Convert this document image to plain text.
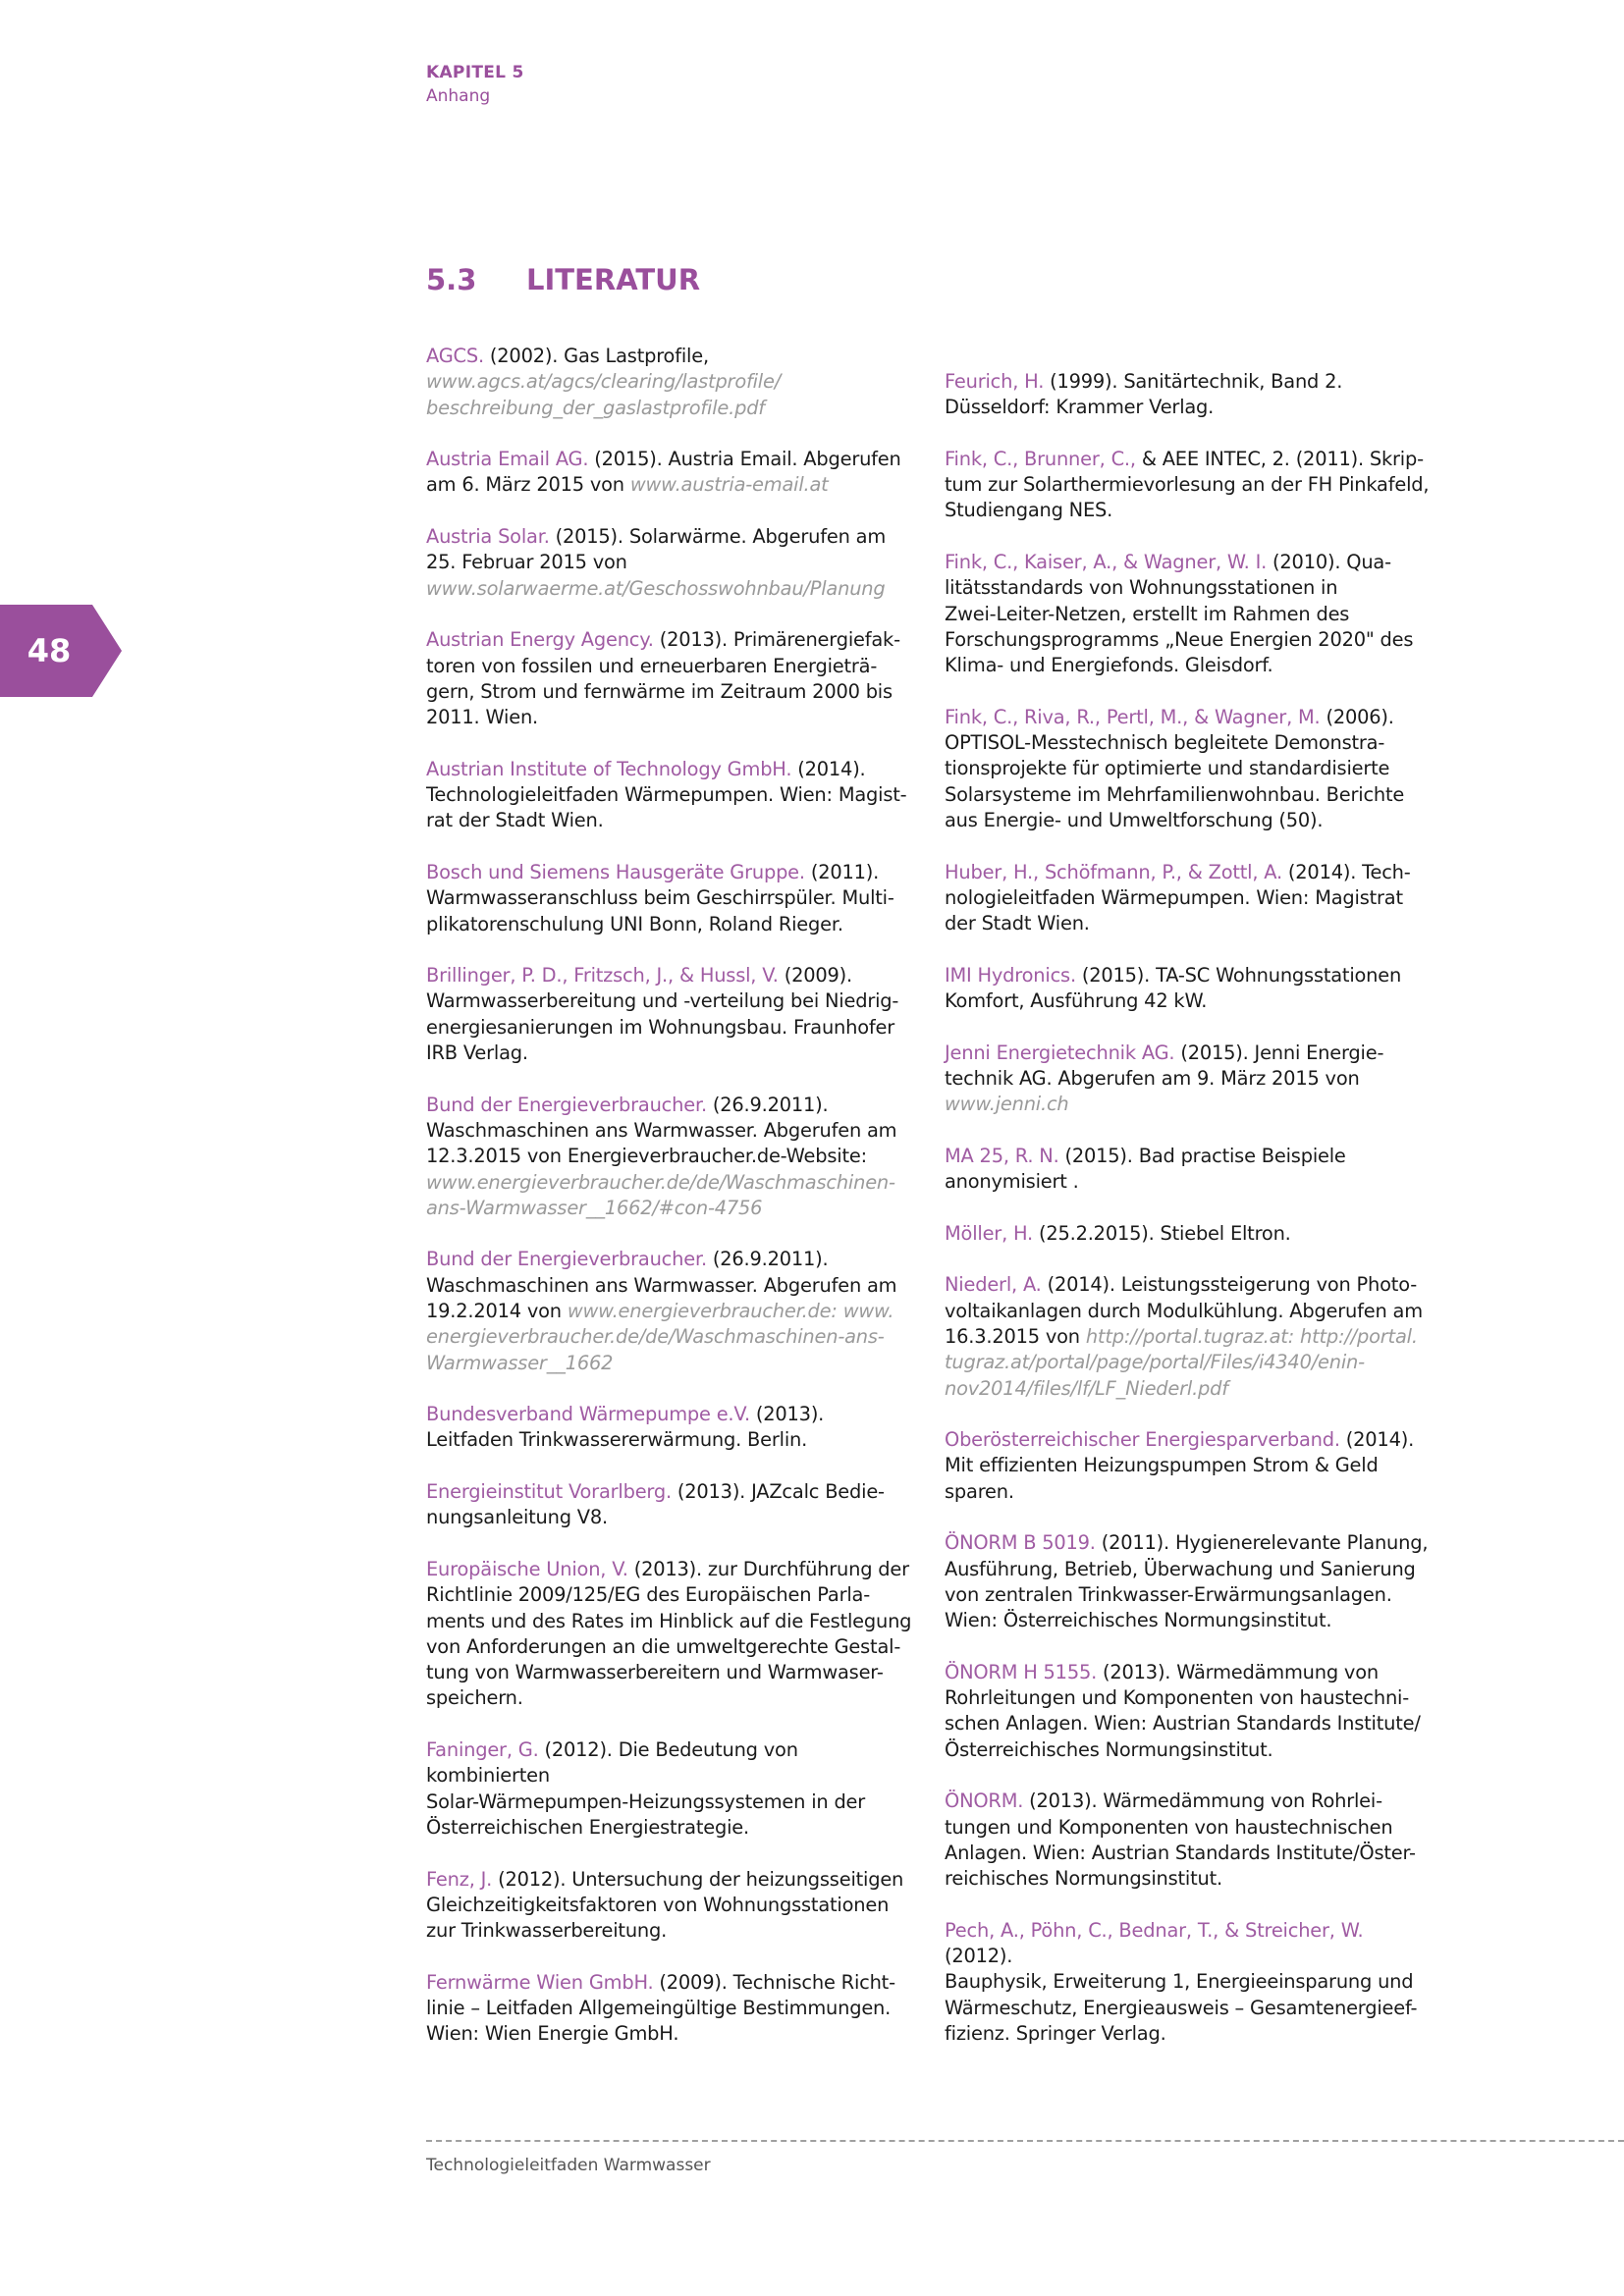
KAPITEL 5
Anhang
48
5.3 LITERATUR

AGCS. (2002). Gas Lastprofile,
www.agcs.at/agcs/clearing/lastprofile/
beschreibung_der_gaslastprofile.pdf

Austria Email AG. (2015). Austria Email. Abgerufen
am 6. März 2015 von www.austria-email.at

Austria Solar. (2015). Solarwärme. Abgerufen am
25. Februar 2015 von
www.solarwaerme.at/Geschosswohnbau/Planung

Austrian Energy Agency. (2013). Primärenergiefak-
toren von fossilen und erneuerbaren Energieträ-
gern, Strom und fernwärme im Zeitraum 2000 bis
2011. Wien.

Austrian Institute of Technology GmbH. (2014).
Technologieleitfaden Wärmepumpen. Wien: Magist-
rat der Stadt Wien.

Bosch und Siemens Hausgeräte Gruppe. (2011).
Warmwasseranschluss beim Geschirrspüler. Multi-
plikatorenschulung UNI Bonn, Roland Rieger.

Brillinger, P. D., Fritzsch, J., & Hussl, V. (2009).
Warmwasserbereitung und -verteilung bei Niedrig-
energiesanierungen im Wohnungsbau. Fraunhofer
IRB Verlag.

Bund der Energieverbraucher. (26.9.2011).
Waschmaschinen ans Warmwasser. Abgerufen am
12.3.2015 von Energieverbraucher.de-Website:
www.energieverbraucher.de/de/Waschmaschinen-
ans-Warmwasser__1662/#con-4756

Bund der Energieverbraucher. (26.9.2011).
Waschmaschinen ans Warmwasser. Abgerufen am
19.2.2014 von www.energieverbraucher.de: www.
energieverbraucher.de/de/Waschmaschinen-ans-
Warmwasser__1662

Bundesverband Wärmepumpe e.V. (2013).
Leitfaden Trinkwassererwärmung. Berlin.

Energieinstitut Vorarlberg. (2013). JAZcalc Bedie-
nungsanleitung V8.

Europäische Union, V. (2013). zur Durchführung der
Richtlinie 2009/125/EG des Europäischen Parla-
ments und des Rates im Hinblick auf die Festlegung
von Anforderungen an die umweltgerechte Gestal-
tung von Warmwasserbereitern und Warmwaser-
speichern.

Faninger, G. (2012). Die Bedeutung von kombinierten
Solar-Wärmepumpen-Heizungssystemen in der
Österreichischen Energiestrategie.

Fenz, J. (2012). Untersuchung der heizungsseitigen
Gleichzeitigkeitsfaktoren von Wohnungsstationen
zur Trinkwasserbereitung.

Fernwärme Wien GmbH. (2009). Technische Richt-
linie – Leitfaden Allgemeingültige Bestimmungen.
Wien: Wien Energie GmbH.

Feurich, H. (1999). Sanitärtechnik, Band 2.
Düsseldorf: Krammer Verlag.

Fink, C., Brunner, C., & AEE INTEC, 2. (2011). Skrip-
tum zur Solarthermievorlesung an der FH Pinkafeld,
Studiengang NES.

Fink, C., Kaiser, A., & Wagner, W. I. (2010). Qua-
litätsstandards von Wohnungsstationen in
Zwei-Leiter-Netzen, erstellt im Rahmen des
Forschungsprogramms „Neue Energien 2020" des
Klima- und Energiefonds. Gleisdorf.

Fink, C., Riva, R., Pertl, M., & Wagner, M. (2006).
OPTISOL-Messtechnisch begleitete Demonstra-
tionsprojekte für optimierte und standardisierte
Solarsysteme im Mehrfamilienwohnbau. Berichte
aus Energie- und Umweltforschung (50).

Huber, H., Schöfmann, P., & Zottl, A. (2014). Tech-
nologieleitfaden Wärmepumpen. Wien: Magistrat
der Stadt Wien.

IMI Hydronics. (2015). TA-SC Wohnungsstationen
Komfort, Ausführung 42 kW.

Jenni Energietechnik AG. (2015). Jenni Energie-
technik AG. Abgerufen am 9. März 2015 von
www.jenni.ch

MA 25, R. N. (2015). Bad practise Beispiele
anonymisiert .

Möller, H. (25.2.2015). Stiebel Eltron.

Niederl, A. (2014). Leistungssteigerung von Photo-
voltaikanlagen durch Modulkühlung. Abgerufen am
16.3.2015 von http://portal.tugraz.at: http://portal.
tugraz.at/portal/page/portal/Files/i4340/enin-
nov2014/files/lf/LF_Niederl.pdf

Oberösterreichischer Energiesparverband. (2014).
Mit effizienten Heizungspumpen Strom & Geld
sparen.

ÖNORM B 5019. (2011). Hygienerelevante Planung,
Ausführung, Betrieb, Überwachung und Sanierung
von zentralen Trinkwasser-Erwärmungsanlagen.
Wien: Österreichisches Normungsinstitut.

ÖNORM H 5155. (2013). Wärmedämmung von
Rohrleitungen und Komponenten von haustechni-
schen Anlagen. Wien: Austrian Standards Institute/
Österreichisches Normungsinstitut.

ÖNORM. (2013). Wärmedämmung von Rohrlei-
tungen und Komponenten von haustechnischen
Anlagen. Wien: Austrian Standards Institute/Öster-
reichisches Normungsinstitut.

Pech, A., Pöhn, C., Bednar, T., & Streicher, W. (2012).
Bauphysik, Erweiterung 1, Energieeinsparung und
Wärmeschutz, Energieausweis – Gesamtenergieef-
fizienz. Springer Verlag.

Technologieleitfaden Warmwasser
